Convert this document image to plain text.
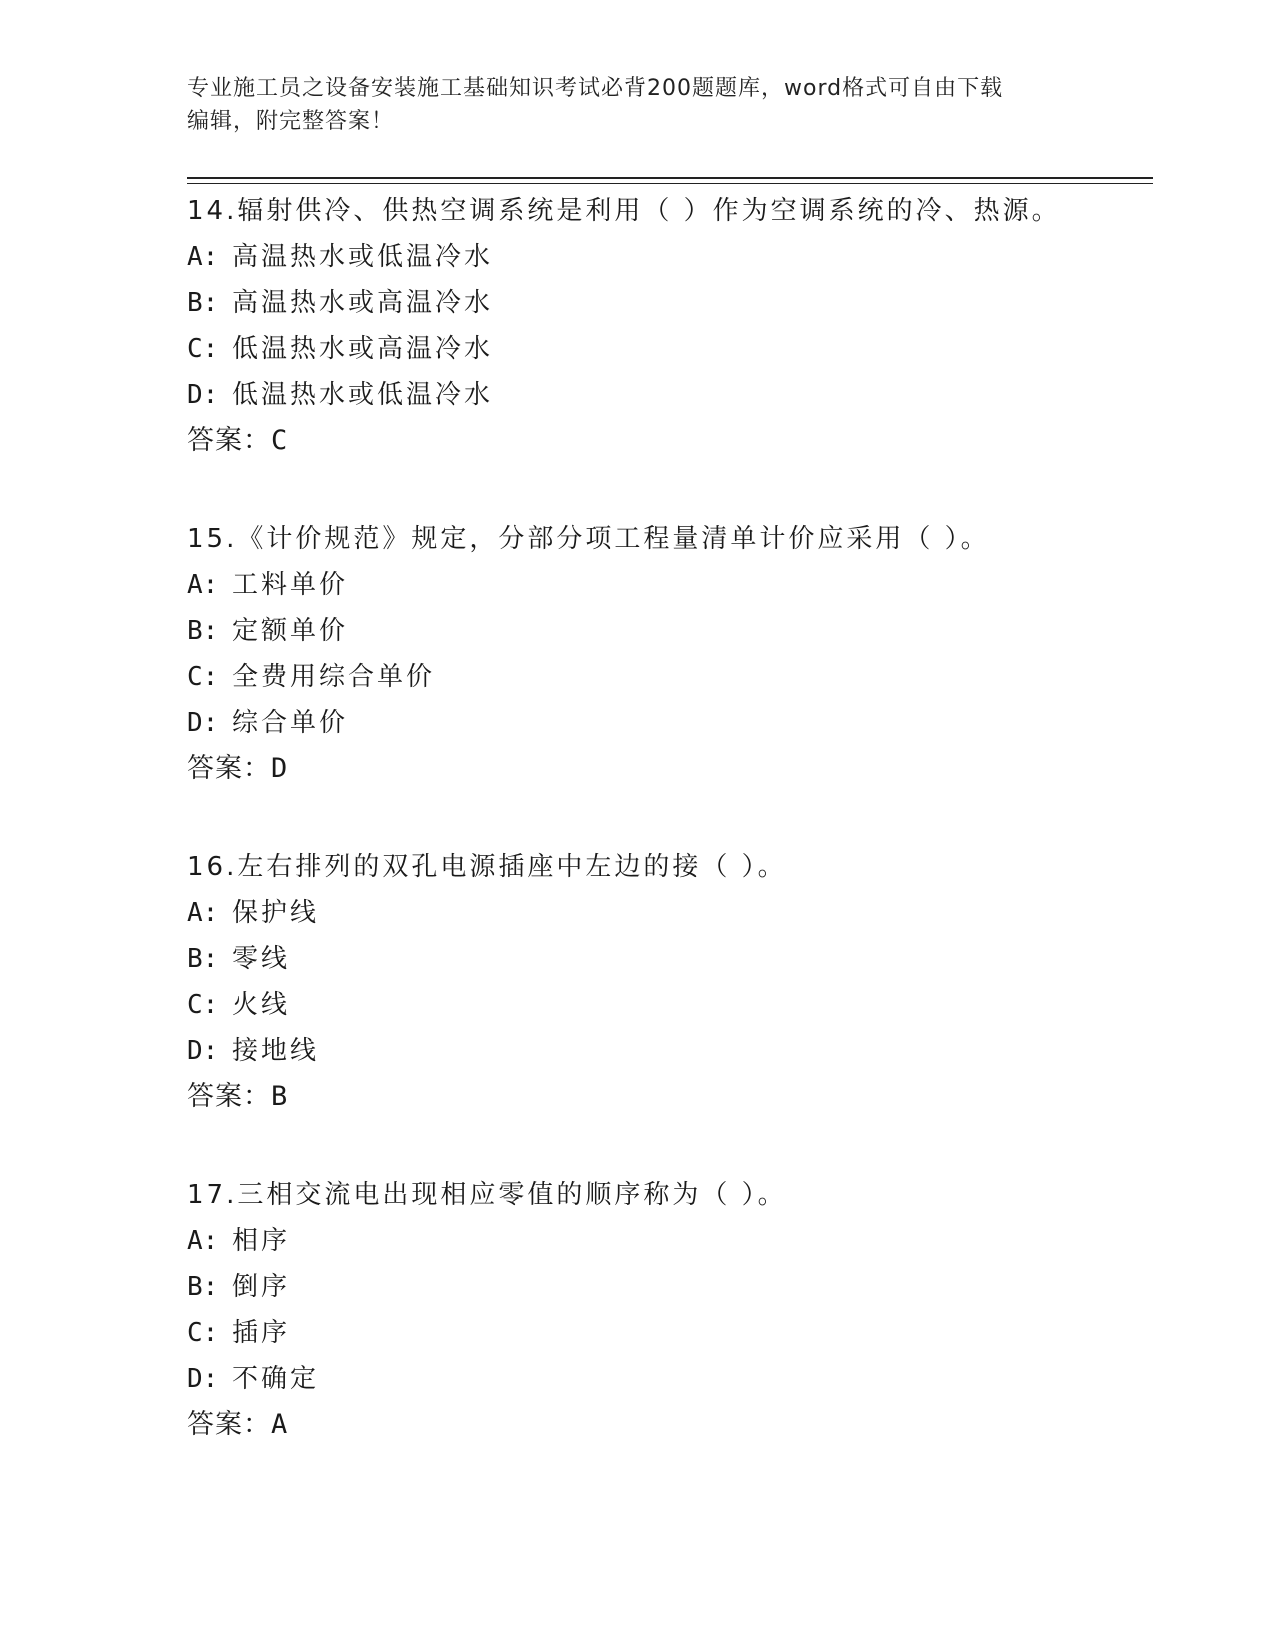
专业施工员之设备安装施工基础知识考试必背200题题库，word格式可自由下载
编辑，附完整答案！
14.辐射供冷、供热空调系统是利用（ ）作为空调系统的冷、热源。
A: 高温热水或低温冷水
B: 高温热水或高温冷水
C: 低温热水或高温冷水
D: 低温热水或低温冷水
答案：C
15.《计价规范》规定，分部分项工程量清单计价应采用（ ）。
A: 工料单价
B: 定额单价
C: 全费用综合单价
D: 综合单价
答案：D
16.左右排列的双孔电源插座中左边的接（ ）。
A: 保护线
B: 零线
C: 火线
D: 接地线
答案：B
17.三相交流电出现相应零值的顺序称为（ ）。
A: 相序
B: 倒序
C: 插序
D: 不确定
答案：A
